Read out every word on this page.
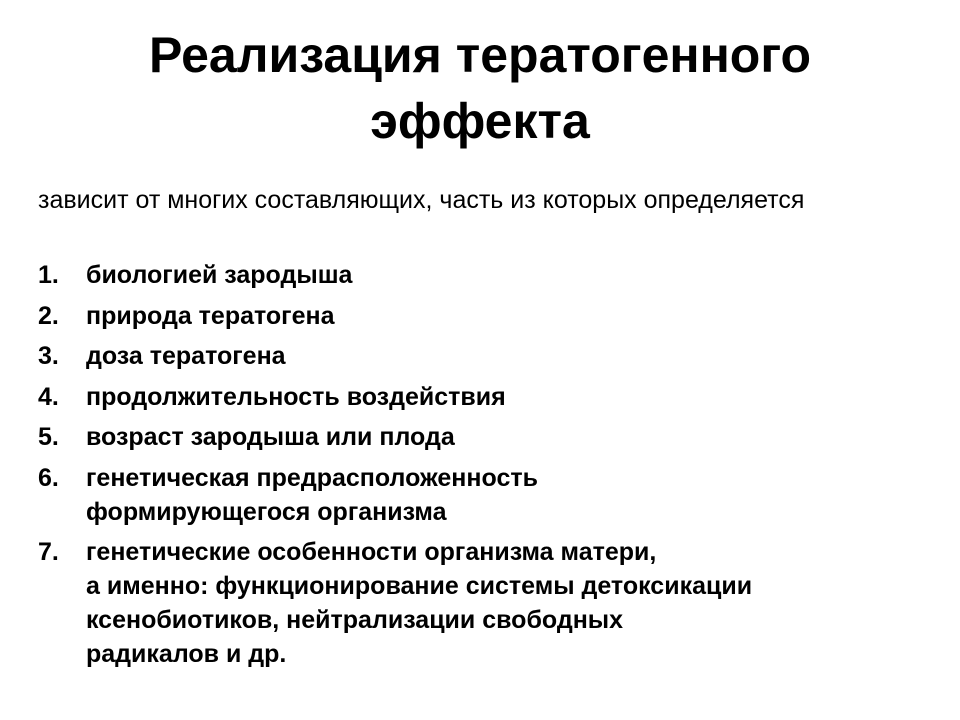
Реализация тератогенного эффекта

зависит от многих составляющих, часть из которых определяется

1.	биологией зародыша
2.	природа тератогена
3.	доза тератогена
4.	продолжительность воздействия
5.	возраст зародыша или плода
6.	генетическая предрасположенность
формирующегося организма
7.	генетические особенности организма матери,
а именно: функционирование системы детоксикации
ксенобиотиков, нейтрализации свободных
радикалов и др.
